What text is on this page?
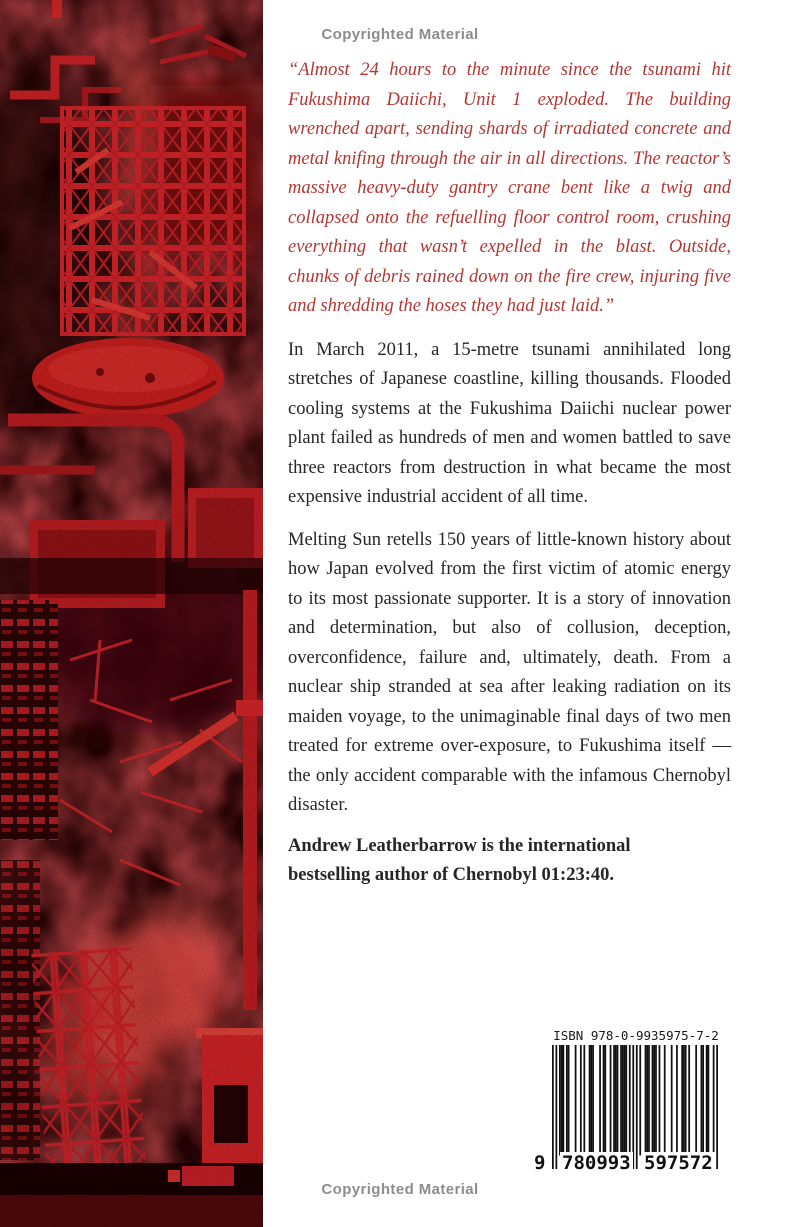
Copyrighted Material
Copyrighted Material

“Almost 24 hours to the minute since the tsunami hit Fukushima Daiichi, Unit 1 exploded. The building wrenched apart, sending shards of irradiated concrete and metal knifing through the air in all directions. The reactor’s massive heavy-duty gantry crane bent like a twig and collapsed onto the refuelling floor control room, crushing everything that wasn’t expelled in the blast. Outside, chunks of debris rained down on the fire crew, injuring five and shredding the hoses they had just laid.”

In March 2011, a 15-metre tsunami annihilated long stretches of Japanese coastline, killing thousands. Flooded cooling systems at the Fukushima Daiichi nuclear power plant failed as hundreds of men and women battled to save three reactors from destruction in what became the most expensive industrial accident of all time.

Melting Sun retells 150 years of little-known history about how Japan evolved from the first victim of atomic energy to its most passionate supporter. It is a story of innovation and determination, but also of collusion, deception, overconfidence, failure and, ultimately, death. From a nuclear ship stranded at sea after leaking radiation on its maiden voyage, to the unimaginable final days of two men treated for extreme over-exposure, to Fukushima itself — the only accident comparable with the infamous Chernobyl disaster.

Andrew Leatherbarrow is the international bestselling author of Chernobyl 01:23:40.

ISBN 978-0-9935975-7-2
9 780993 597572
